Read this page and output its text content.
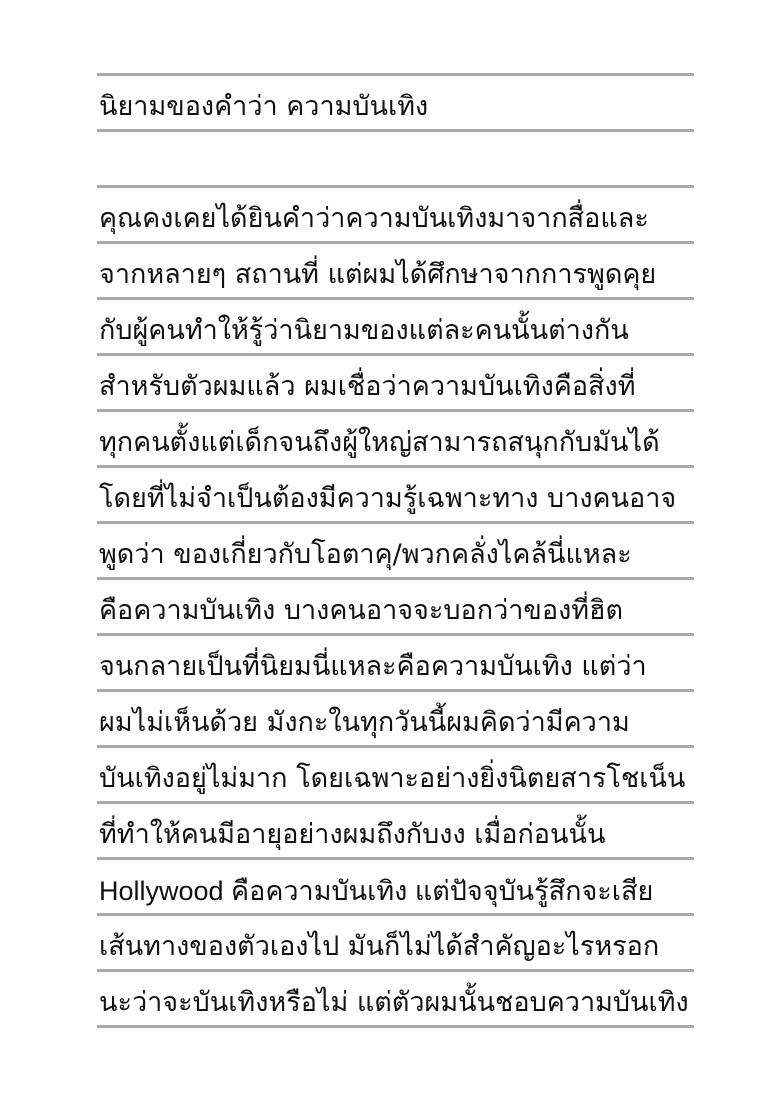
นิยามของคำว่า ความบันเทิง
คุณคงเคยได้ยินคำว่าความบันเทิงมาจากสื่อและ
จากหลายๆ สถานที่ แต่ผมได้ศึกษาจากการพูดคุย
กับผู้คนทำให้รู้ว่านิยามของแต่ละคนนั้นต่างกัน
สำหรับตัวผมแล้ว ผมเชื่อว่าความบันเทิงคือสิ่งที่
ทุกคนตั้งแต่เด็กจนถึงผู้ใหญ่สามารถสนุกกับมันได้
โดยที่ไม่จำเป็นต้องมีความรู้เฉพาะทาง บางคนอาจ
พูดว่า ของเกี่ยวกับโอตาคุ/พวกคลั่งไคล้นี่แหละ
คือความบันเทิง บางคนอาจจะบอกว่าของที่ฮิต
จนกลายเป็นที่นิยมนี่แหละคือความบันเทิง แต่ว่า
ผมไม่เห็นด้วย มังกะในทุกวันนี้ผมคิดว่ามีความ
บันเทิงอยู่ไม่มาก โดยเฉพาะอย่างยิ่งนิตยสารโชเน็น
ที่ทำให้คนมีอายุอย่างผมถึงกับงง เมื่อก่อนนั้น
Hollywood คือความบันเทิง แต่ปัจจุบันรู้สึกจะเสีย
เส้นทางของตัวเองไป มันก็ไม่ได้สำคัญอะไรหรอก
นะว่าจะบันเทิงหรือไม่ แต่ตัวผมนั้นชอบความบันเทิง
